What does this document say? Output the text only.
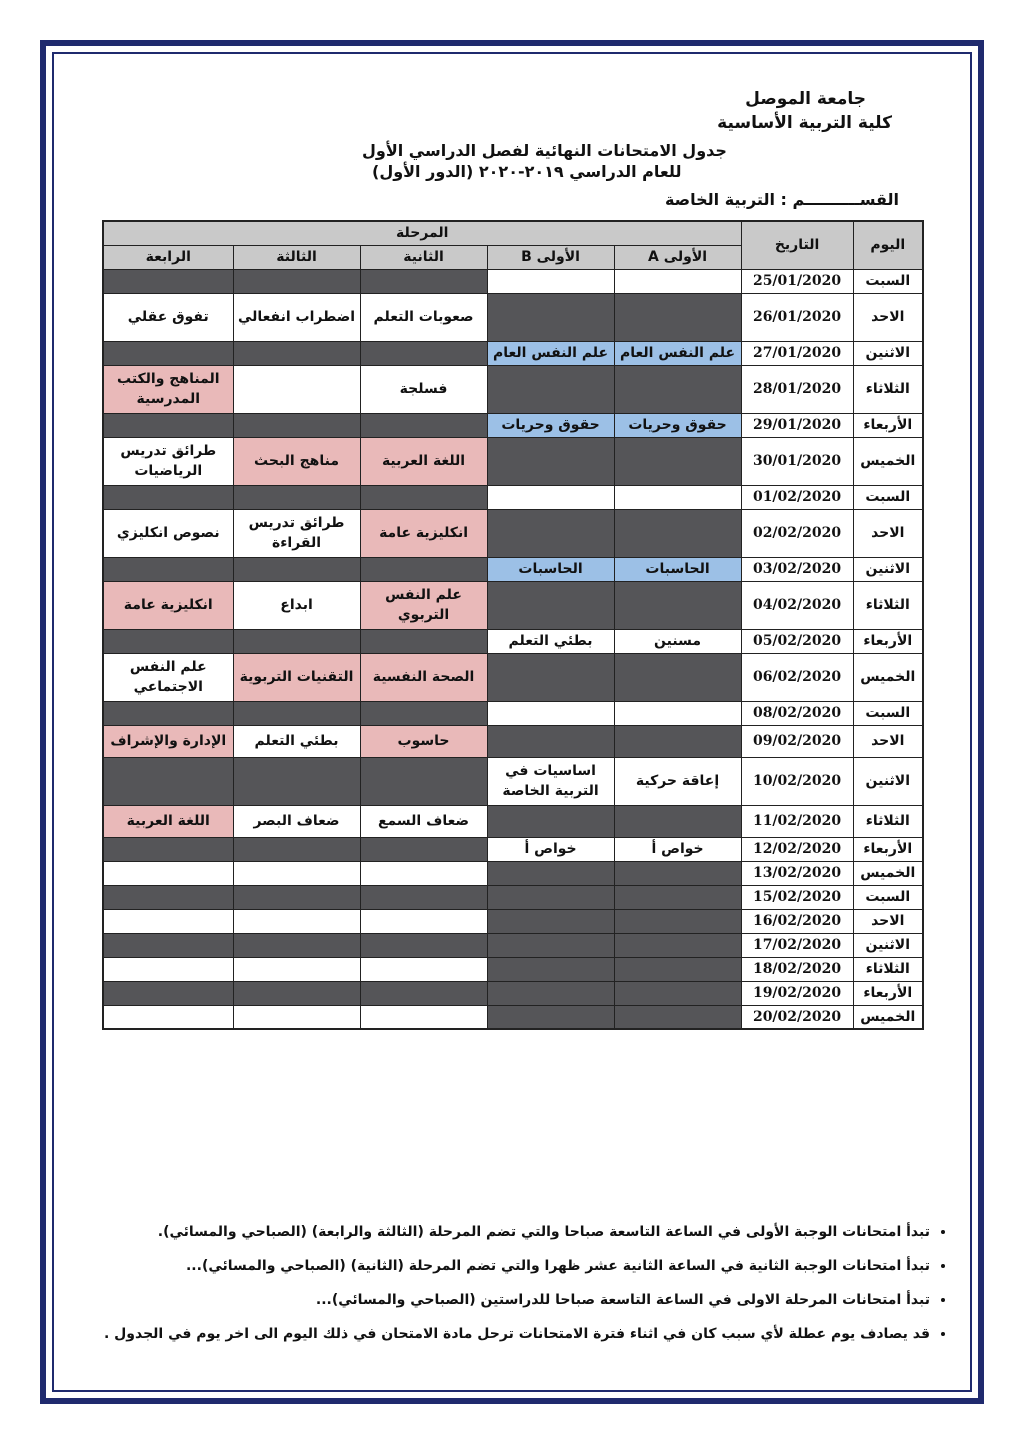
جامعة الموصل
كلية التربية الأساسية
جدول الامتحانات النهائية لفصل الدراسي الأول
للعام الدراسي ٢٠١٩-٢٠٢٠ (الدور الأول)
القســــــــــم : التربية الخاصة
اليوم	التاريخ	المرحلة				
		الأولى A	الأولى B	الثانية	الثالثة	الرابعة
السبت	25/01/2020					
الاحد	26/01/2020			صعوبات التعلم	اضطراب انفعالي	تفوق عقلي
الاثنين	27/01/2020	علم النفس العام	علم النفس العام			
الثلاثاء	28/01/2020			فسلجة		المناهج والكتب المدرسية
الأربعاء	29/01/2020	حقوق وحريات	حقوق وحريات			
الخميس	30/01/2020			اللغة العربية	مناهج البحث	طرائق تدريس الرياضيات
السبت	01/02/2020					
الاحد	02/02/2020			انكليزية عامة	طرائق تدريس القراءة	نصوص انكليزي
الاثنين	03/02/2020	الحاسبات	الحاسبات			
الثلاثاء	04/02/2020			علم النفس التربوي	ابداع	انكليزية عامة
الأربعاء	05/02/2020	مسنين	بطئي التعلم			
الخميس	06/02/2020			الصحة النفسية	التقنيات التربوية	علم النفس الاجتماعي
السبت	08/02/2020					
الاحد	09/02/2020			حاسوب	بطئي التعلم	الإدارة والإشراف
الاثنين	10/02/2020	إعاقة حركية	اساسيات في التربية الخاصة			
الثلاثاء	11/02/2020			ضعاف السمع	ضعاف البصر	اللغة العربية
الأربعاء	12/02/2020	خواص أ	خواص أ			
الخميس	13/02/2020					
السبت	15/02/2020					
الاحد	16/02/2020					
الاثنين	17/02/2020					
الثلاثاء	18/02/2020					
الأربعاء	19/02/2020					
الخميس	20/02/2020					
• تبدأ امتحانات الوجبة الأولى في الساعة التاسعة صباحا والتي تضم المرحلة (الثالثة والرابعة) (الصباحي والمسائي).
• تبدأ امتحانات الوجبة الثانية في الساعة الثانية عشر ظهرا والتي تضم المرحلة (الثانية) (الصباحي والمسائي)...
• تبدأ امتحانات المرحلة الاولى في الساعة التاسعة صباحا للدراستين (الصباحي والمسائي)...
• قد يصادف يوم عطلة لأي سبب كان في اثناء فترة الامتحانات ترحل مادة الامتحان في ذلك اليوم الى اخر يوم في الجدول .
